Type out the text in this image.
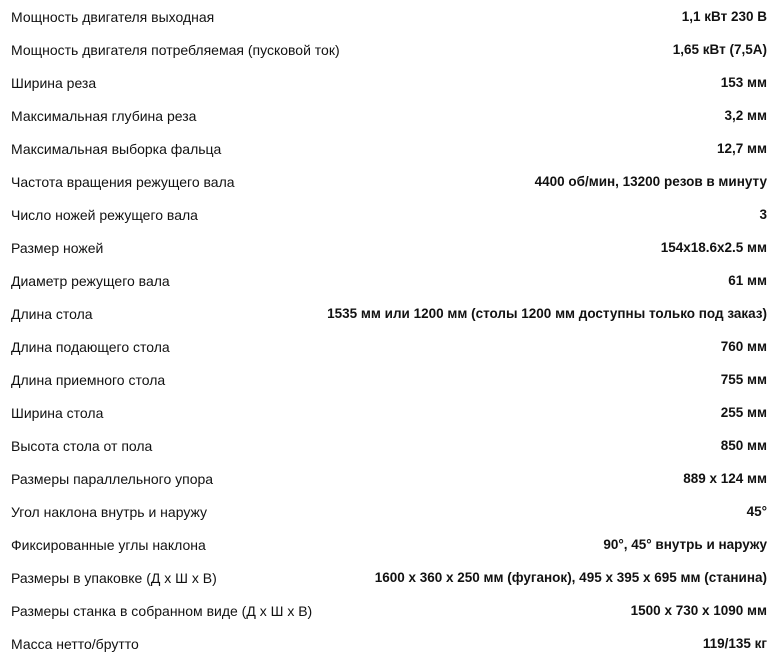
Мощность двигателя выходная	1,1 кВт 230 В
Мощность двигателя потребляемая (пусковой ток)	1,65 кВт (7,5А)
Ширина реза	153 мм
Максимальная глубина реза	3,2 мм
Максимальная выборка фальца	12,7 мм
Частота вращения режущего вала	4400 об/мин, 13200 резов в минуту
Число ножей режущего вала	3
Размер ножей	154x18.6x2.5 мм
Диаметр режущего вала	61 мм
Длина стола	1535 мм или 1200 мм (столы 1200 мм доступны только под заказ)
Длина подающего стола	760 мм
Длина приемного стола	755 мм
Ширина стола	255 мм
Высота стола от пола	850 мм
Размеры параллельного упора	889 x 124 мм
Угол наклона внутрь и наружу	45°
Фиксированные углы наклона	90°, 45° внутрь и наружу
Размеры в упаковке (Д х Ш х В)	1600 х 360 х 250 мм (фуганок), 495 х 395 х 695 мм (станина)
Размеры станка в собранном виде (Д х Ш х В)	1500 х 730 х 1090 мм
Масса нетто/брутто	119/135 кг
